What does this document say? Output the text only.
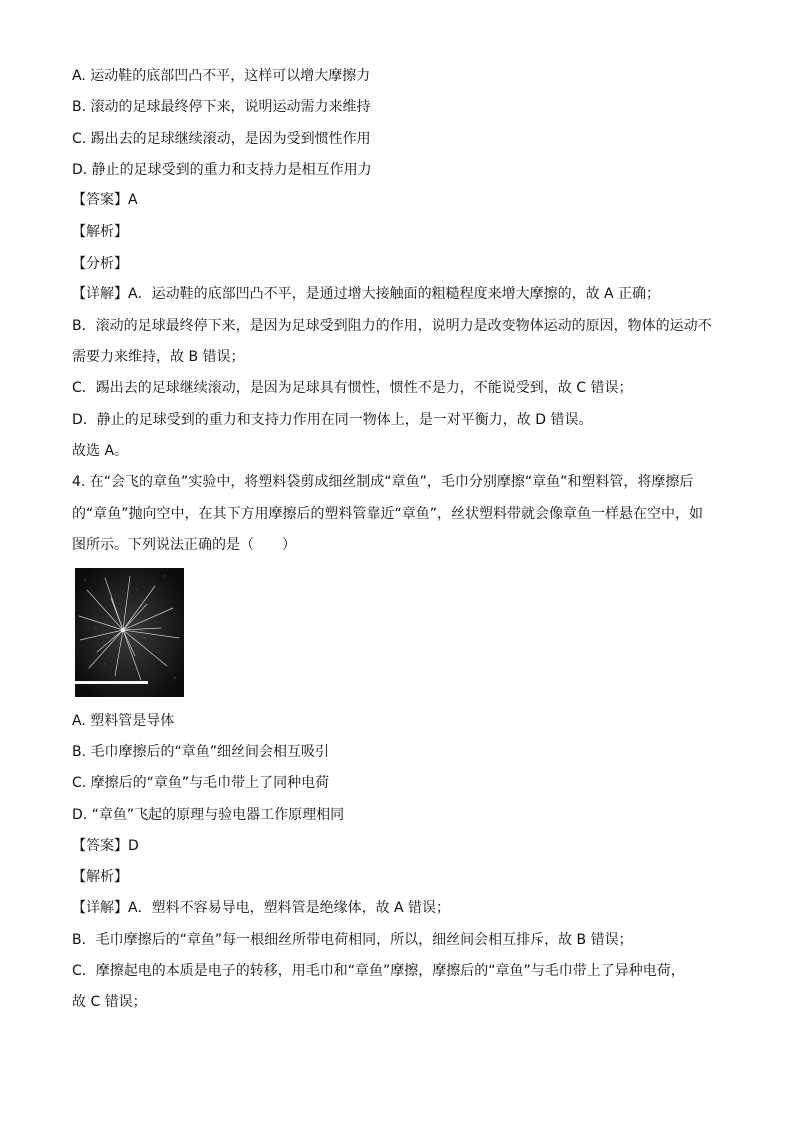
A. 运动鞋的底部凹凸不平，这样可以增大摩擦力
B. 滚动的足球最终停下来，说明运动需力来维持
C. 踢出去的足球继续滚动，是因为受到惯性作用
D. 静止的足球受到的重力和支持力是相互作用力
【答案】A
【解析】
【分析】
【详解】A．运动鞋的底部凹凸不平，是通过增大接触面的粗糙程度来增大摩擦的，故 A 正确；
B．滚动的足球最终停下来，是因为足球受到阻力的作用，说明力是改变物体运动的原因，物体的运动不
需要力来维持，故 B 错误；
C．踢出去的足球继续滚动，是因为足球具有惯性，惯性不是力，不能说受到，故 C 错误；
D．静止的足球受到的重力和支持力作用在同一物体上，是一对平衡力，故 D 错误。
故选 A。
4. 在“会飞的章鱼”实验中，将塑料袋剪成细丝制成“章鱼”，毛巾分别摩擦“章鱼”和塑料管，将摩擦后
的“章鱼”抛向空中，在其下方用摩擦后的塑料管靠近“章鱼”，丝状塑料带就会像章鱼一样悬在空中，如
图所示。下列说法正确的是（　　）
A. 塑料管是导体
B. 毛巾摩擦后的“章鱼”细丝间会相互吸引
C. 摩擦后的“章鱼”与毛巾带上了同种电荷
D. “章鱼”飞起的原理与验电器工作原理相同
【答案】D
【解析】
【详解】A．塑料不容易导电，塑料管是绝缘体，故 A 错误；
B．毛巾摩擦后的“章鱼”每一根细丝所带电荷相同，所以，细丝间会相互排斥，故 B 错误；
C．摩擦起电的本质是电子的转移，用毛巾和“章鱼”摩擦，摩擦后的“章鱼”与毛巾带上了异种电荷，
故 C 错误；
